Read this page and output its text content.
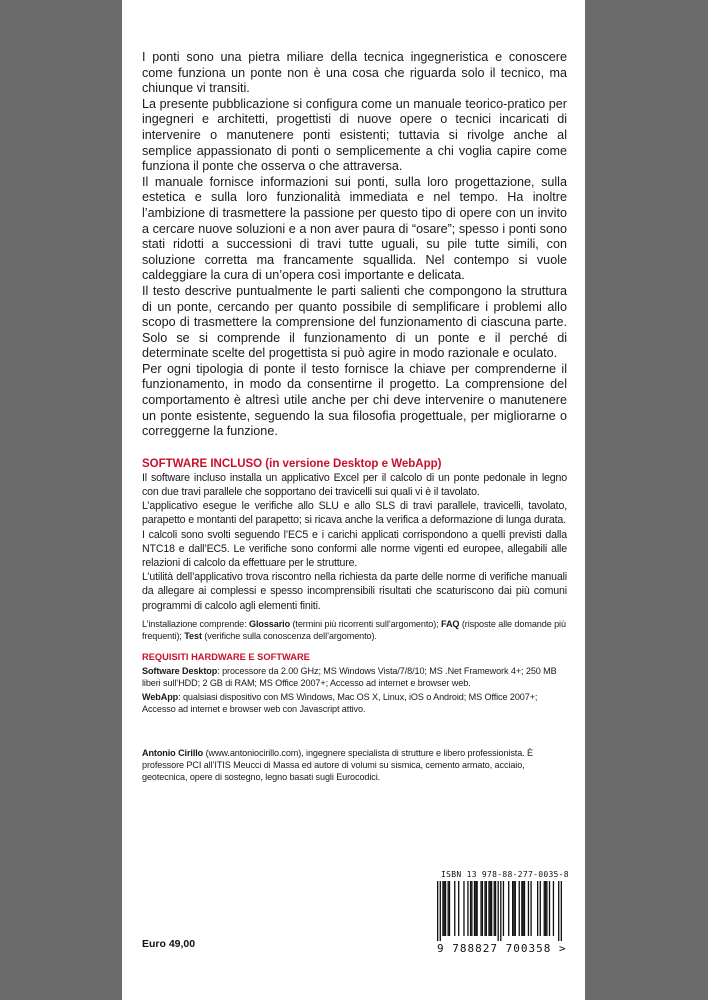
I ponti sono una pietra miliare della tecnica ingegneristica e conoscere come funziona un ponte non è una cosa che riguarda solo il tecnico, ma chiunque vi transiti.

La presente pubblicazione si configura come un manuale teorico-pratico per ingegneri e architetti, progettisti di nuove opere o tecnici incaricati di intervenire o manutenere ponti esistenti; tuttavia si rivolge anche al semplice appassionato di ponti o semplicemente a chi voglia capire come funziona il ponte che osserva o che attraversa.

Il manuale fornisce informazioni sui ponti, sulla loro progettazione, sulla estetica e sulla loro funzionalità immediata e nel tempo. Ha inoltre l’ambizione di trasmettere la passione per questo tipo di opere con un invito a cercare nuove soluzioni e a non aver paura di “osare”; spesso i ponti sono stati ridotti a successioni di travi tutte uguali, su pile tutte simili, con soluzione corretta ma francamente squallida. Nel contempo si vuole caldeggiare la cura di un’opera così importante e delicata.

Il testo descrive puntualmente le parti salienti che compongono la struttura di un ponte, cercando per quanto possibile di semplificare i problemi allo scopo di trasmettere la comprensione del funzionamento di ciascuna parte. Solo se si comprende il funzionamento di un ponte e il perché di determinate scelte del progettista si può agire in modo razionale e oculato.

Per ogni tipologia di ponte il testo fornisce la chiave per comprenderne il funzionamento, in modo da consentirne il progetto. La comprensione del comportamento è altresì utile anche per chi deve intervenire o manutenere un ponte esistente, seguendo la sua filosofia progettuale, per migliorarne o correggerne la funzione.

SOFTWARE INCLUSO (in versione Desktop e WebApp)

Il software incluso installa un applicativo Excel per il calcolo di un ponte pedonale in legno con due travi parallele che sopportano dei travicelli sui quali vi è il tavolato.

L’applicativo esegue le verifiche allo SLU e allo SLS di travi parallele, travicelli, tavolato, parapetto e montanti del parapetto; si ricava anche la verifica a deformazione di lunga durata.

I calcoli sono svolti seguendo l’EC5 e i carichi applicati corrispondono a quelli previsti dalla NTC18 e dall’EC5. Le verifiche sono conformi alle norme vigenti ed europee, allegabili alle relazioni di calcolo da effettuare per le strutture.

L’utilità dell’applicativo trova riscontro nella richiesta da parte delle norme di verifiche manuali da allegare ai complessi e spesso incomprensibili risultati che scaturiscono dai più comuni programmi di calcolo agli elementi finiti.

L’installazione comprende: Glossario (termini più ricorrenti sull’argomento); FAQ (risposte alle domande più frequenti); Test (verifiche sulla conoscenza dell’argomento).
REQUISITI HARDWARE E SOFTWARE

Software Desktop: processore da 2.00 GHz; MS Windows Vista/7/8/10; MS .Net Framework 4+; 250 MB liberi sull’HDD; 2 GB di RAM; MS Office 2007+; Accesso ad internet e browser web.

WebApp: qualsiasi dispositivo con MS Windows, Mac OS X, Linux, iOS o Android; MS Office 2007+; Accesso ad internet e browser web con Javascript attivo.

Antonio Cirillo (www.antoniocirillo.com), ingegnere specialista di strutture e libero professionista. È professore PCI all’ITIS Meucci di Massa ed autore di volumi su sismica, cemento armato, acciaio, geotecnica, opere di sostegno, legno basati sugli Eurocodici.
ISBN 13 978-88-277-0035-8
9 788827 700358 >
Euro 49,00
